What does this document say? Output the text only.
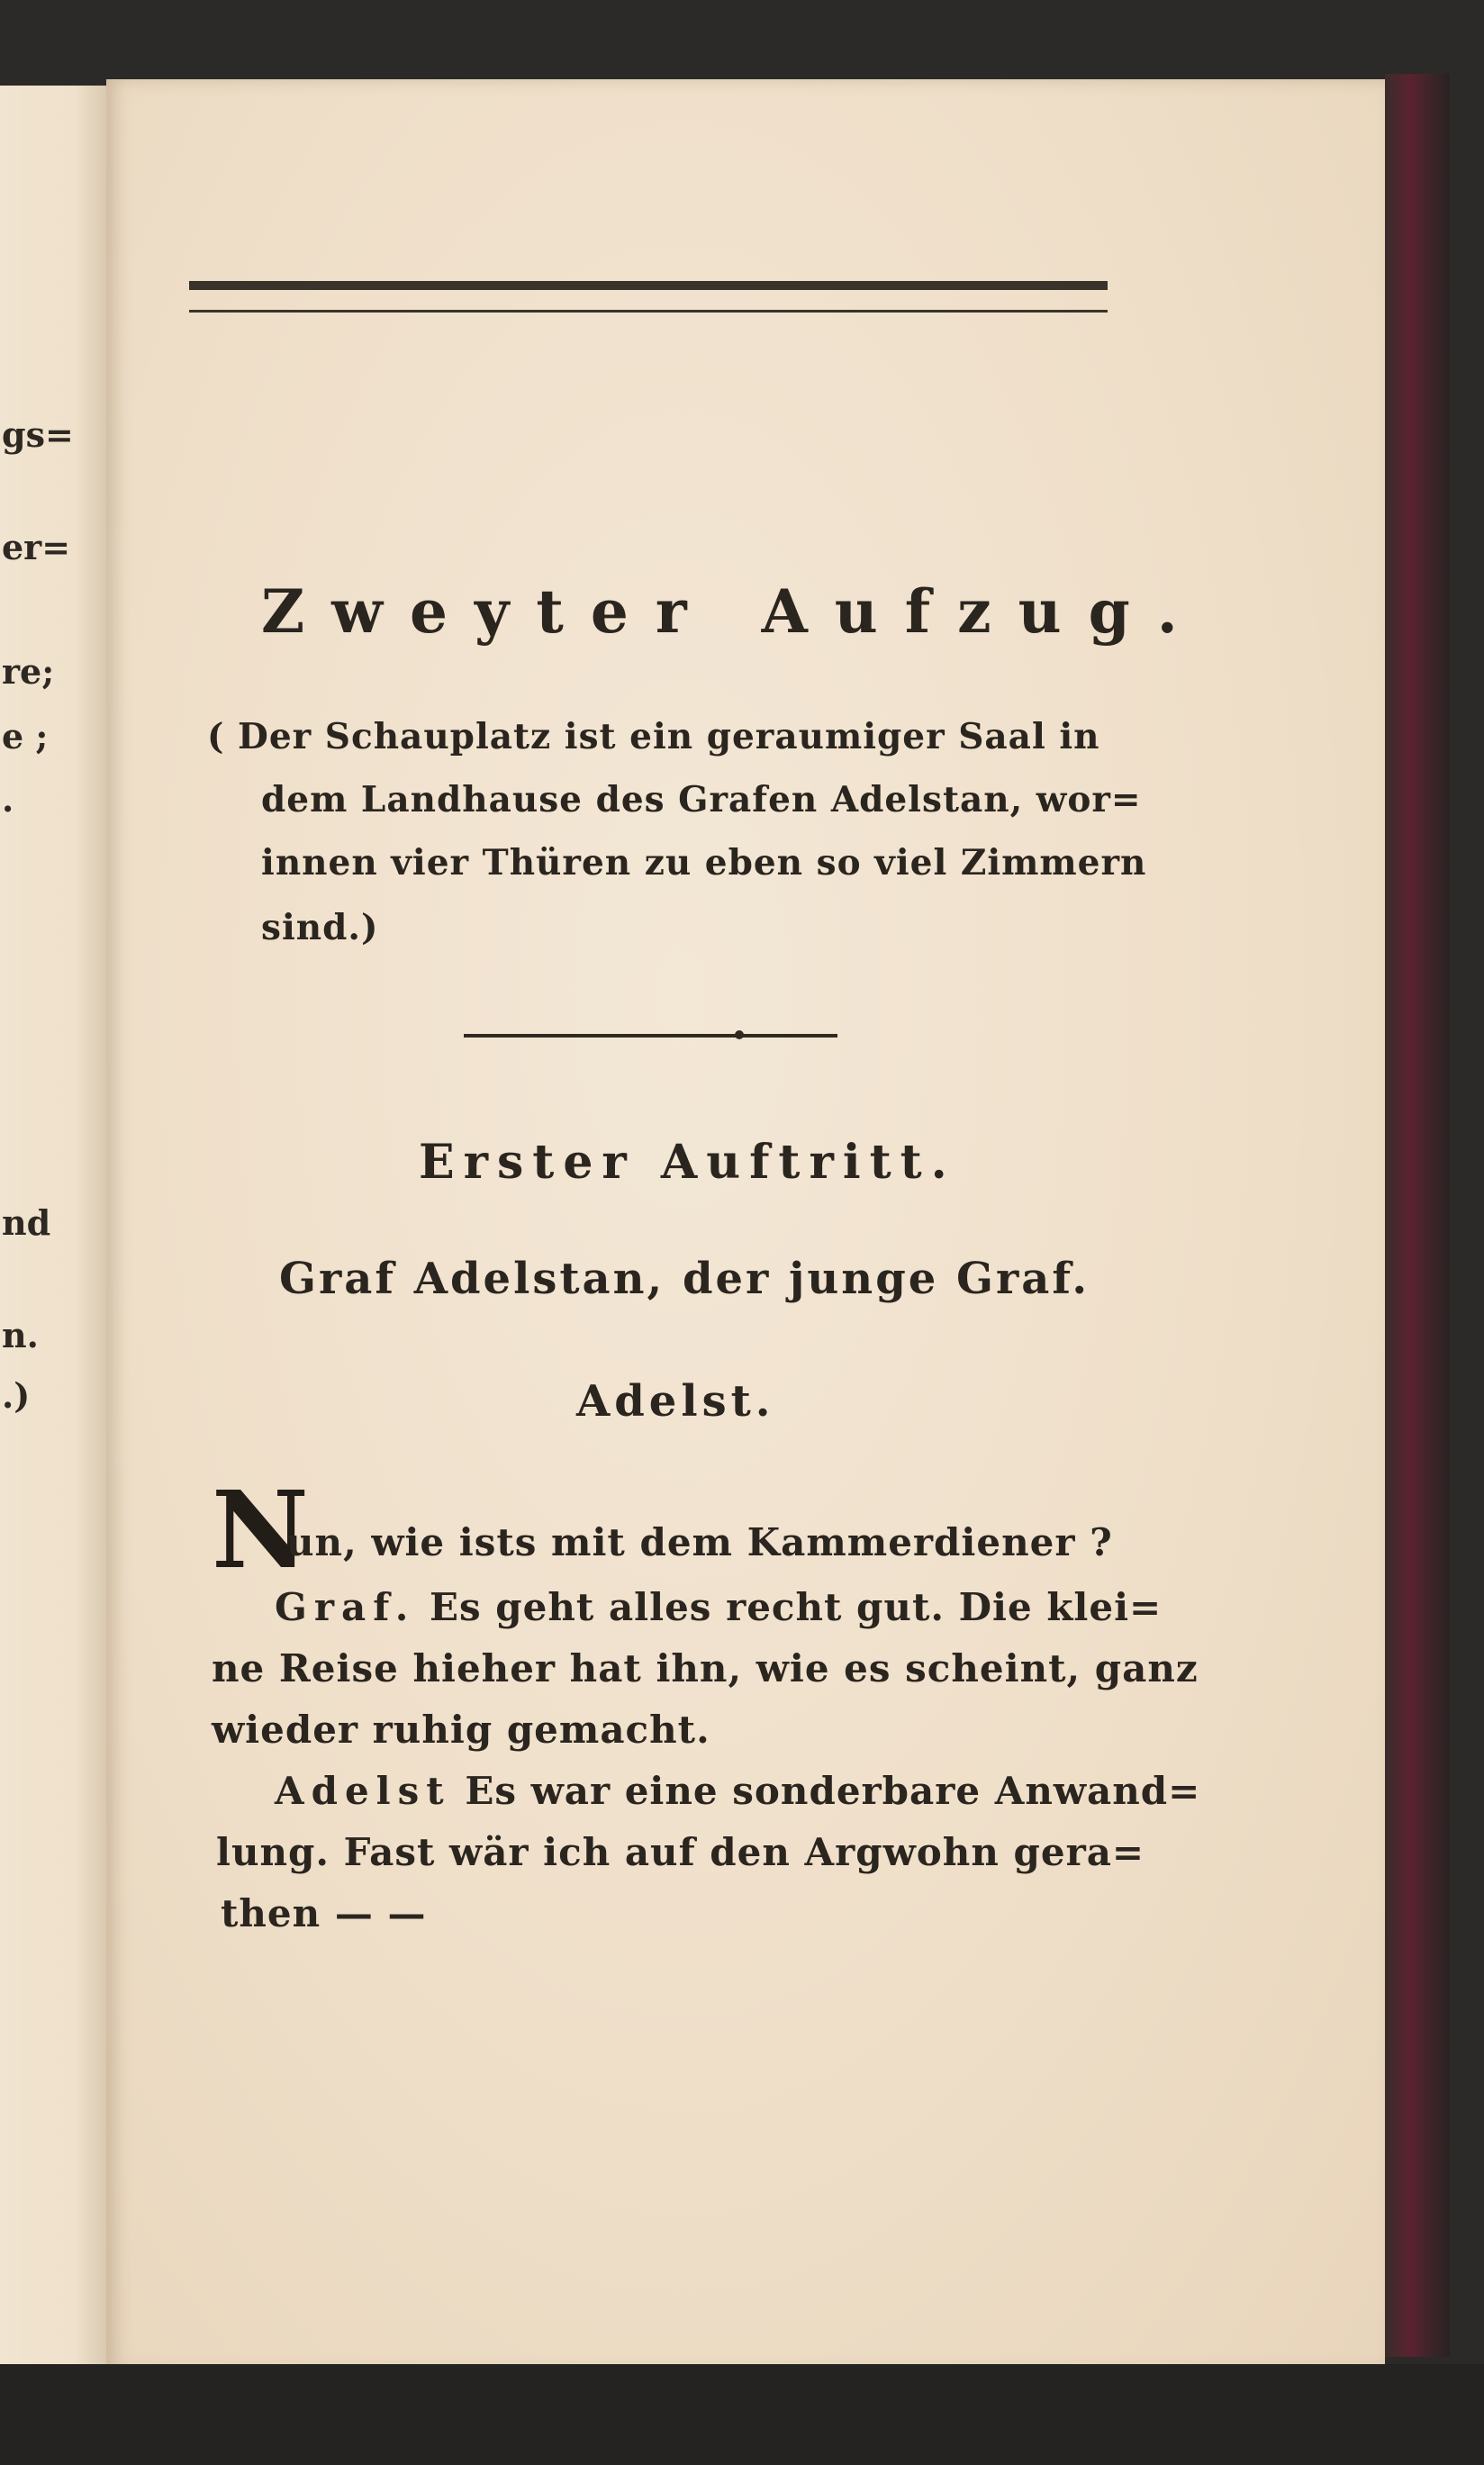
gs=
er=
re;
e ;
.
nd
n.
.)
Zweyter Aufzug.
( Der Schauplatz ist ein geraumiger Saal in
dem Landhause des Grafen Adelstan, wor=
innen vier Thüren zu eben so viel Zimmern
sind.)
Erster Auftritt.
Graf Adelstan, der junge Graf.
Adelst.
N
un, wie ists mit dem Kammerdiener ?
Graf. Es geht alles recht gut. Die klei=
ne Reise hieher hat ihn, wie es scheint, ganz
wieder ruhig gemacht.
Adelst Es war eine sonderbare Anwand=
lung. Fast wär ich auf den Argwohn gera=
then — —
